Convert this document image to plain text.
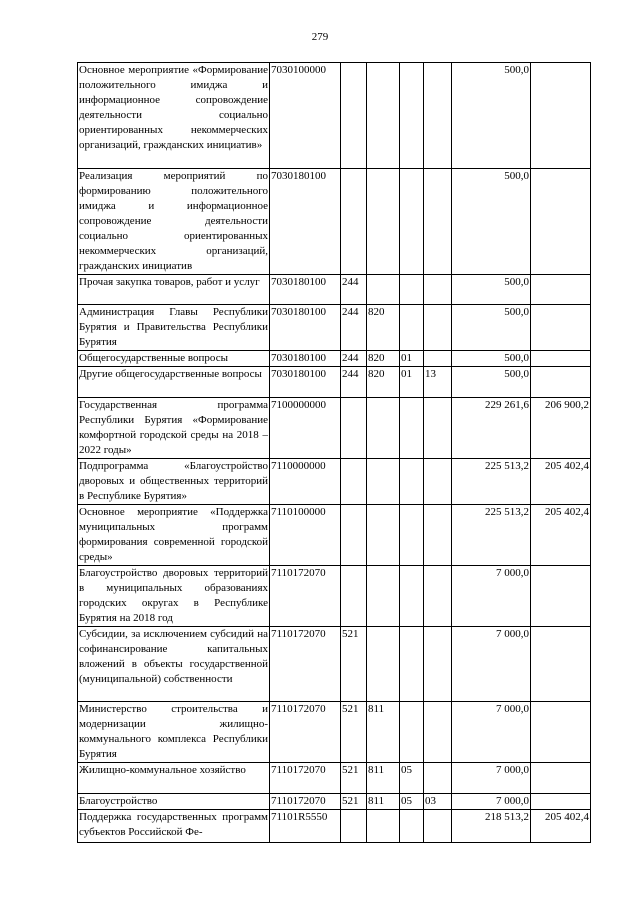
279
Основное мероприятие «Формирование положительного имиджа и информационное сопровождение деятельности социально ориентированных некоммерческих организаций, гражданских инициатив»	7030100000					500,0	
Реализация мероприятий по формированию положительного имиджа и информационное сопровождение деятельности социально ориентированных некоммерческих организаций, гражданских инициатив	7030180100					500,0	
Прочая закупка товаров, работ и услуг	7030180100	244				500,0	
Администрация Главы Республики Бурятия и Правительства Республики Бурятия	7030180100	244	820			500,0	
Общегосударственные вопросы	7030180100	244	820	01		500,0	
Другие общегосударственные вопросы	7030180100	244	820	01	13	500,0	
Государственная программа Республики Бурятия «Формирование комфортной городской среды на 2018 – 2022 годы»	7100000000					229 261,6	206 900,2
Подпрограмма «Благоустройство дворовых и общественных территорий в Республике Бурятия»	7110000000					225 513,2	205 402,4
Основное мероприятие «Поддержка муниципальных программ формирования современной городской среды»	7110100000					225 513,2	205 402,4
Благоустройство дворовых территорий в муниципальных образованиях городских округах в Республике Бурятия на 2018 год	7110172070					7 000,0	
Субсидии, за исключением субсидий на софинансирование капитальных вложений в объекты государственной (муниципальной) собственности	7110172070	521				7 000,0	
Министерство строительства и модернизации жилищно-коммунального комплекса Республики Бурятия	7110172070	521	811			7 000,0	
Жилищно-коммунальное хозяйство	7110172070	521	811	05		7 000,0	
Благоустройство	7110172070	521	811	05	03	7 000,0	
Поддержка государственных программ субъектов Российской Фе-	71101R5550					218 513,2	205 402,4
